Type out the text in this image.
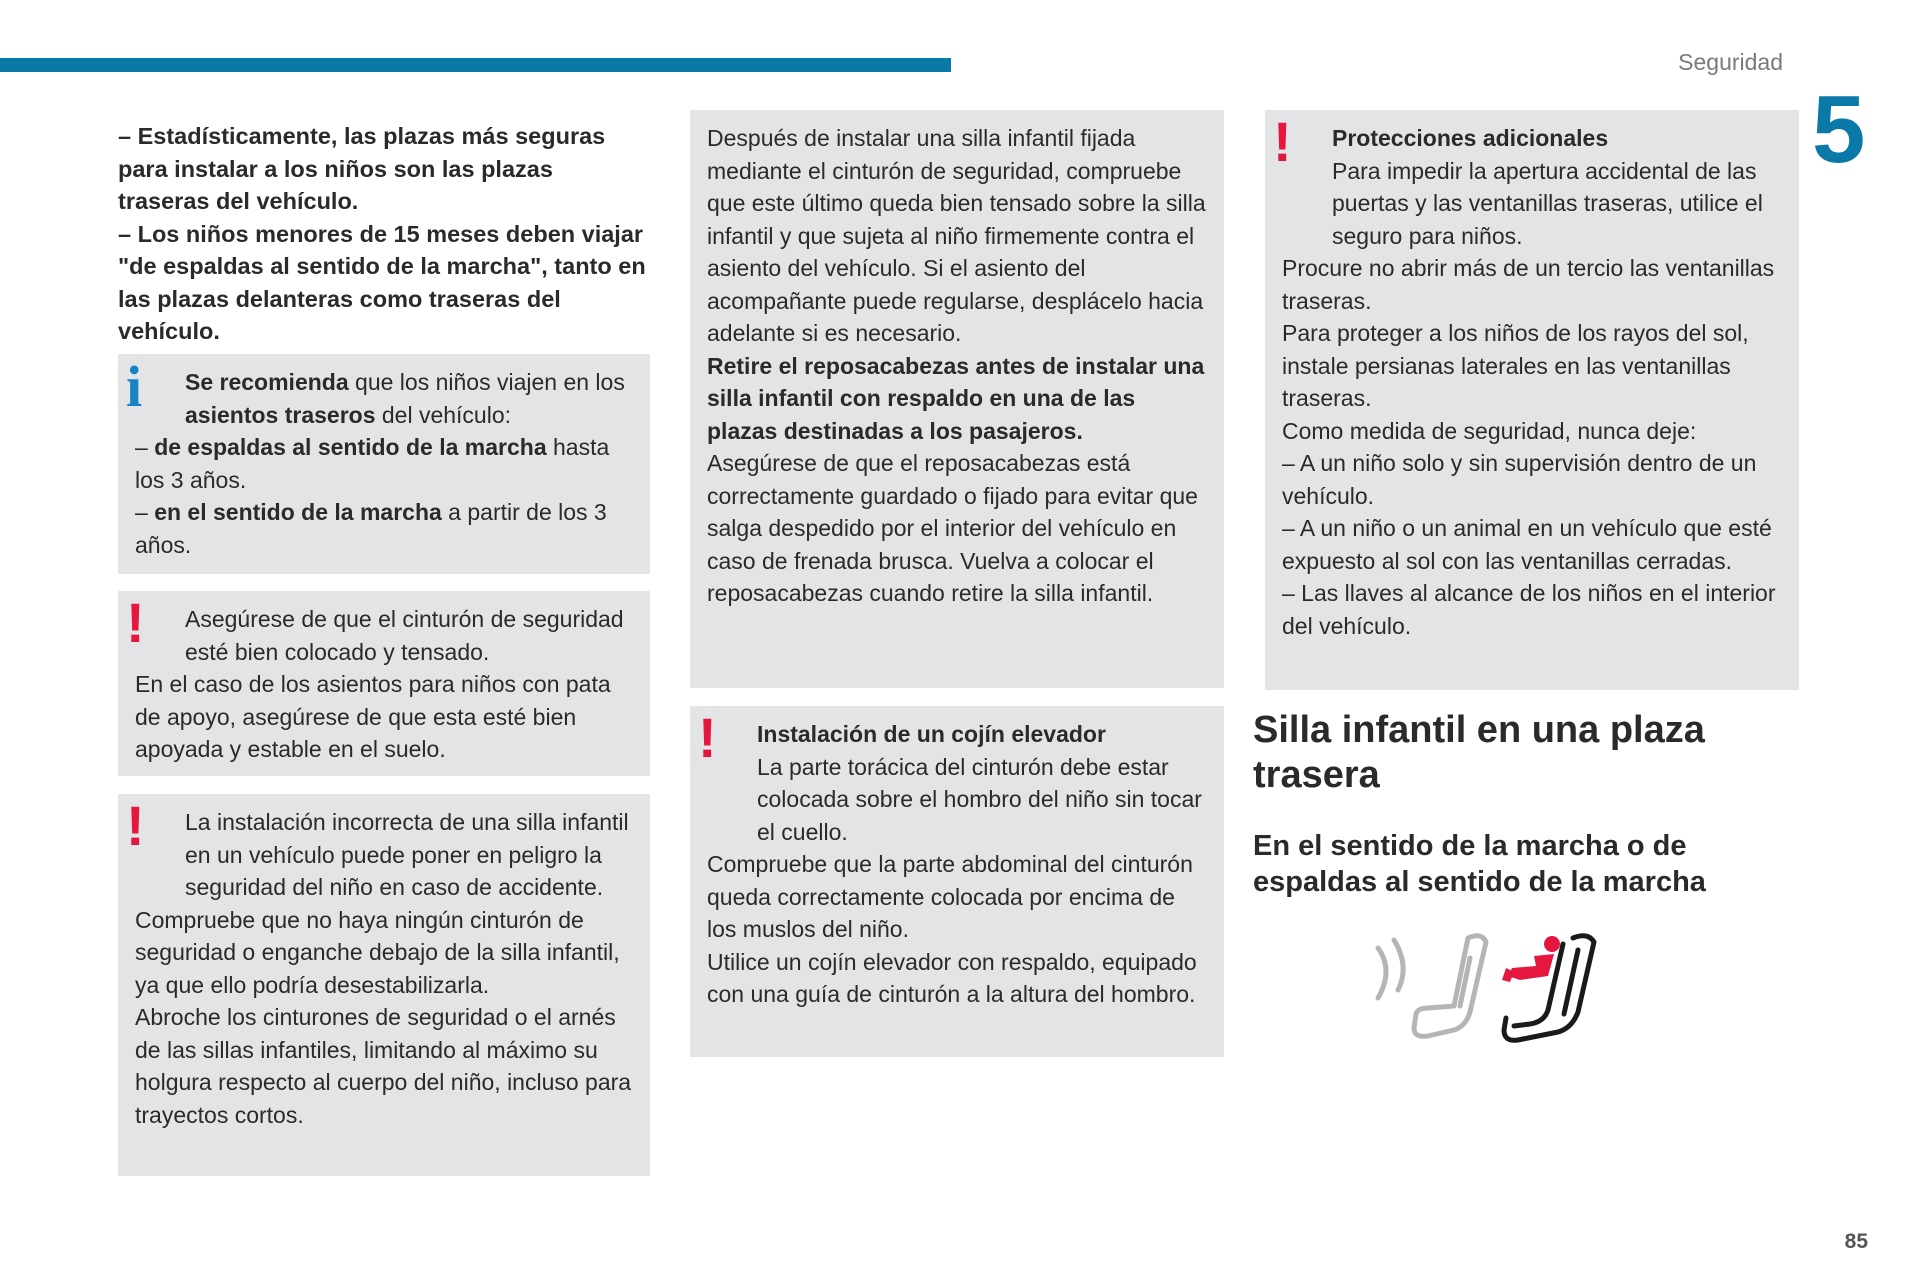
Seguridad
5

– Estadísticamente, las plazas más seguras para instalar a los niños son las plazas traseras del vehículo.

– Los niños menores de 15 meses deben viajar "de espaldas al sentido de la marcha", tanto en las plazas delanteras como traseras del vehículo.

i	Se recomienda que los niños viajen en los asientos traseros del vehículo:

– de espaldas al sentido de la marcha hasta los 3 años.

– en el sentido de la marcha a partir de los 3 años.

!	Asegúrese de que el cinturón de seguridad esté bien colocado y tensado.

En el caso de los asientos para niños con pata de apoyo, asegúrese de que esta esté bien apoyada y estable en el suelo.

!	La instalación incorrecta de una silla infantil en un vehículo puede poner en peligro la seguridad del niño en caso de accidente.

Compruebe que no haya ningún cinturón de seguridad o enganche debajo de la silla infantil, ya que ello podría desestabilizarla.

Abroche los cinturones de seguridad o el arnés de las sillas infantiles, limitando al máximo su holgura respecto al cuerpo del niño, incluso para trayectos cortos.

Después de instalar una silla infantil fijada mediante el cinturón de seguridad, compruebe que este último queda bien tensado sobre la silla infantil y que sujeta al niño firmemente contra el asiento del vehículo. Si el asiento del acompañante puede regularse, desplácelo hacia adelante si es necesario.

Retire el reposacabezas antes de instalar una silla infantil con respaldo en una de las plazas destinadas a los pasajeros.

Asegúrese de que el reposacabezas está correctamente guardado o fijado para evitar que salga despedido por el interior del vehículo en caso de frenada brusca. Vuelva a colocar el reposacabezas cuando retire la silla infantil.

!	Instalación de un cojín elevador

La parte torácica del cinturón debe estar colocada sobre el hombro del niño sin tocar el cuello.

Compruebe que la parte abdominal del cinturón queda correctamente colocada por encima de los muslos del niño.

Utilice un cojín elevador con respaldo, equipado con una guía de cinturón a la altura del hombro.

!	Protecciones adicionales

Para impedir la apertura accidental de las puertas y las ventanillas traseras, utilice el seguro para niños.

Procure no abrir más de un tercio las ventanillas traseras.

Para proteger a los niños de los rayos del sol, instale persianas laterales en las ventanillas traseras.

Como medida de seguridad, nunca deje:

– A un niño solo y sin supervisión dentro de un vehículo.

– A un niño o un animal en un vehículo que esté expuesto al sol con las ventanillas cerradas.

– Las llaves al alcance de los niños en el interior del vehículo.

Silla infantil en una plaza trasera
En el sentido de la marcha o de espaldas al sentido de la marcha
85
